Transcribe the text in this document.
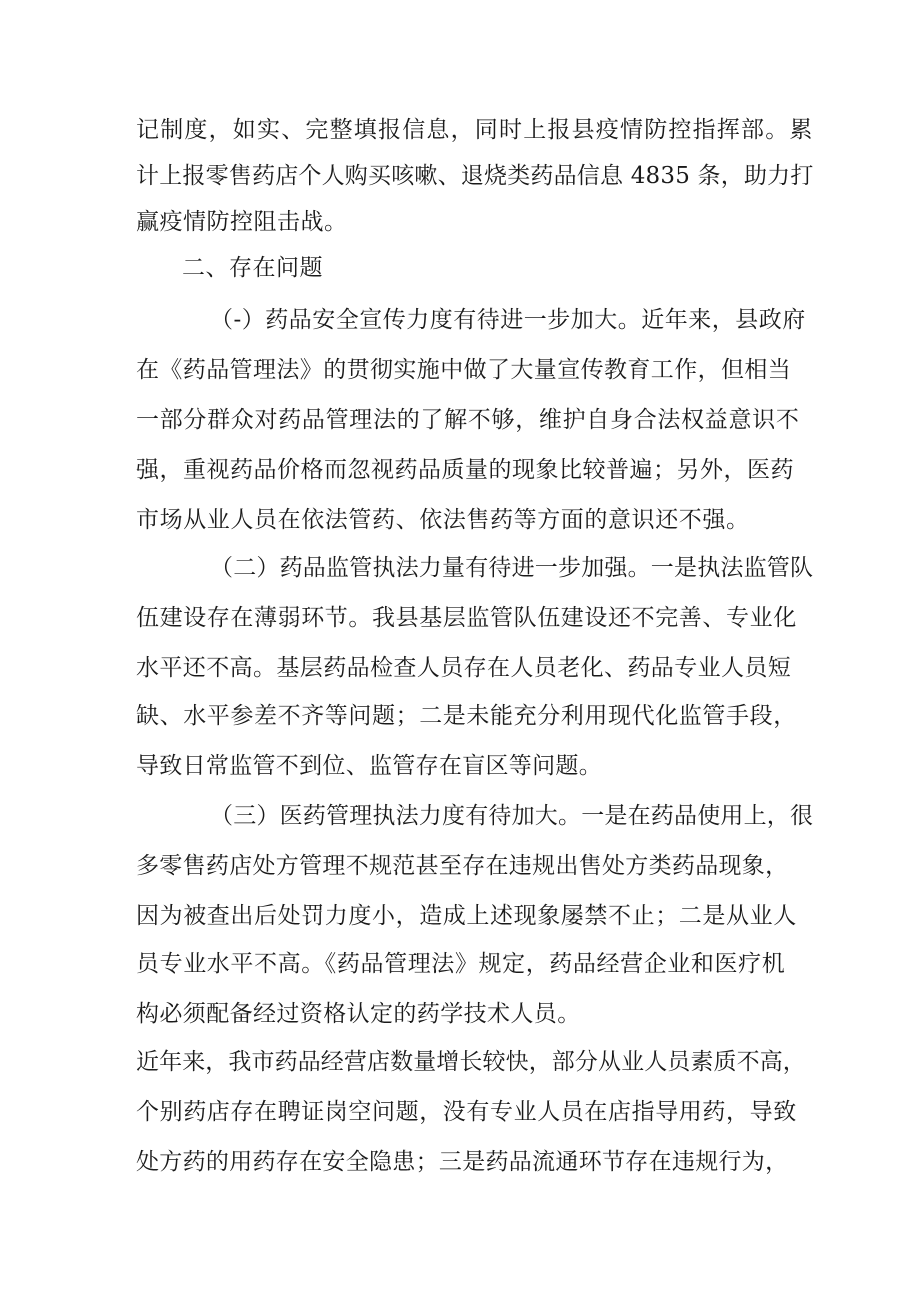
记制度，如实、完整填报信息，同时上报县疫情防控指挥部。累
计上报零售药店个人购买咳嗽、退烧类药品信息 4835 条，助力打
赢疫情防控阻击战。
二、存在问题
（-）药品安全宣传力度有待进一步加大。近年来，县政府
在《药品管理法》的贯彻实施中做了大量宣传教育工作，但相当
一部分群众对药品管理法的了解不够，维护自身合法权益意识不
强，重视药品价格而忽视药品质量的现象比较普遍；另外，医药
市场从业人员在依法管药、依法售药等方面的意识还不强。
（二）药品监管执法力量有待进一步加强。一是执法监管队
伍建设存在薄弱环节。我县基层监管队伍建设还不完善、专业化
水平还不高。基层药品检查人员存在人员老化、药品专业人员短
缺、水平参差不齐等问题；二是未能充分利用现代化监管手段，
导致日常监管不到位、监管存在盲区等问题。
（三）医药管理执法力度有待加大。一是在药品使用上，很
多零售药店处方管理不规范甚至存在违规出售处方类药品现象，
因为被查出后处罚力度小，造成上述现象屡禁不止；二是从业人
员专业水平不高。《药品管理法》规定，药品经营企业和医疗机
构必须配备经过资格认定的药学技术人员。
近年来，我市药品经营店数量增长较快，部分从业人员素质不高，
个别药店存在聘证岗空问题，没有专业人员在店指导用药，导致
处方药的用药存在安全隐患；三是药品流通环节存在违规行为，
